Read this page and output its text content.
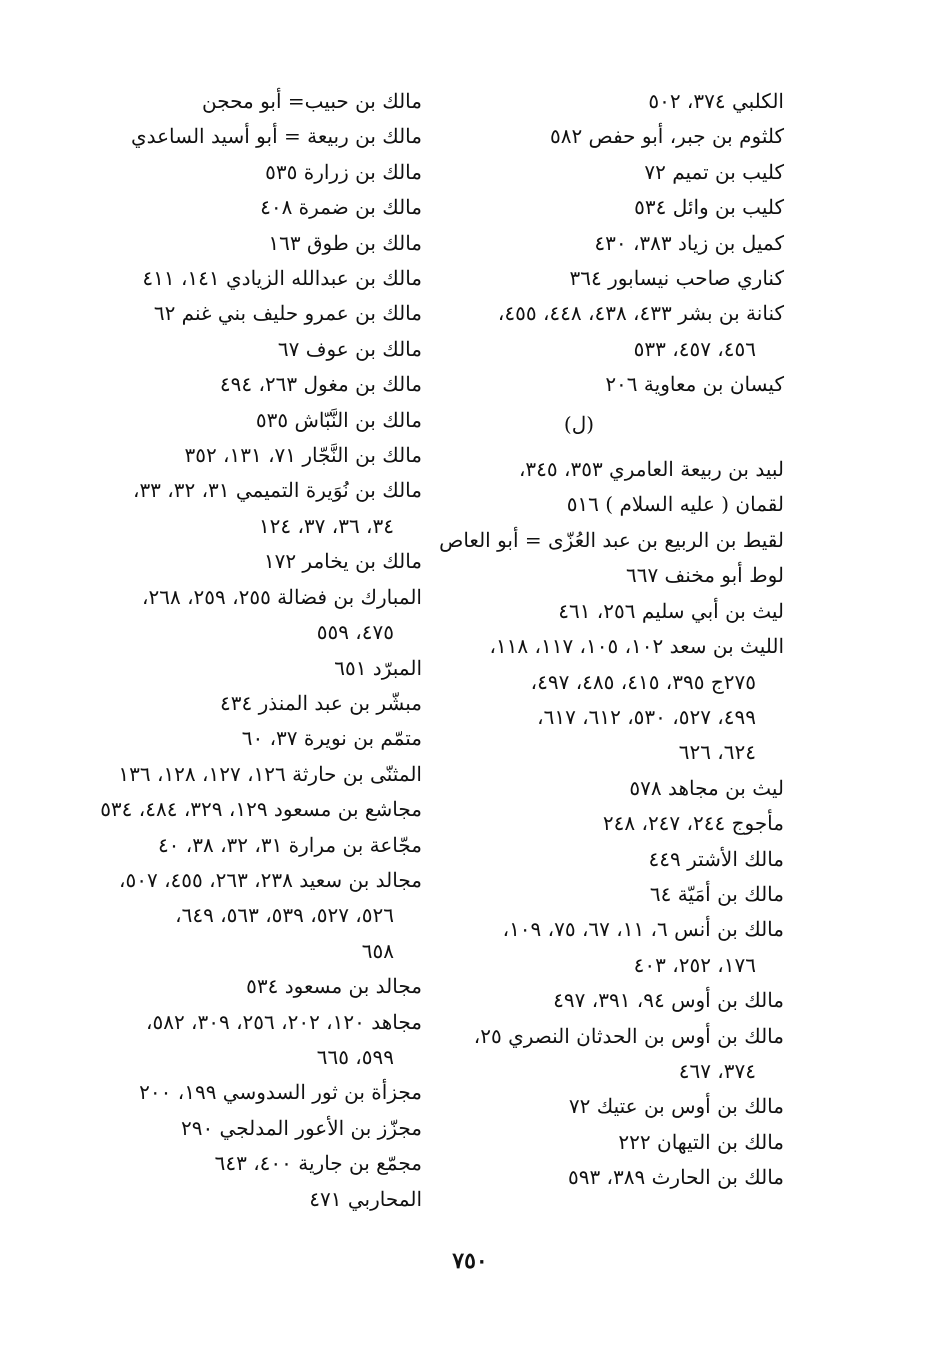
الكلبي ٣٧٤، ٥٠٢
كلثوم بن جبر، أبو حفص ٥٨٢
كليب بن تميم ٧٢
كليب بن وائل ٥٣٤
كميل بن زياد ٣٨٣، ٤٣٠
كناري صاحب نيسابور ٣٦٤
كنانة بن بشر ٤٣٣، ٤٣٨، ٤٤٨، ٤٥٥،
٤٥٦، ٤٥٧، ٥٣٣
كيسان بن معاوية ٢٠٦
(ل)
لبيد بن ربيعة العامري ٣٥٣، ٣٤٥،
لقمان ( عليه السلام ) ٥١٦
لقيط بن الربيع بن عبد العُزّى = أبو العاص
لوط أبو مخنف ٦٦٧
ليث بن أبي سليم ٢٥٦، ٤٦١
الليث بن سعد ١٠٢، ١٠٥، ١١٧، ١١٨،
٢٧٥ج ٣٩٥، ٤١٥، ٤٨٥، ٤٩٧،
٤٩٩، ٥٢٧، ٥٣٠، ٦١٢، ٦١٧،
٦٢٤، ٦٢٦
ليث بن مجاهد ٥٧٨
مأجوج ٢٤٤، ٢٤٧، ٢٤٨
مالك الأشتر ٤٤٩
مالك بن أمَيّة ٦٤
مالك بن أنس ٦، ١١، ٦٧، ٧٥، ١٠٩،
١٧٦، ٢٥٢، ٤٠٣
مالك بن أوس ٩٤، ٣٩١، ٤٩٧
مالك بن أوس بن الحدثان النصري ٢٥،
٣٧٤، ٤٦٧
مالك بن أوس بن عتيك ٧٢
مالك بن التيهان ٢٢٢
مالك بن الحارث ٣٨٩، ٥٩٣
مالك بن حبيب= أبو محجن
مالك بن ربيعة = أبو أسيد الساعدي
مالك بن زرارة ٥٣٥
مالك بن ضمرة ٤٠٨
مالك بن طوق ١٦٣
مالك بن عبدالله الزيادي ١٤١، ٤١١
مالك بن عمرو حليف بني غنم ٦٢
مالك بن عوف ٦٧
مالك بن مغول ٢٦٣، ٤٩٤
مالك بن النَّبّاش ٥٣٥
مالك بن النَّجّار ٧١، ١٣١، ٣٥٢
مالك بن نُوَيرة التميمي ٣١، ٣٢، ٣٣،
٣٤، ٣٦، ٣٧، ١٢٤
مالك بن يخامر ١٧٢
المبارك بن فضالة ٢٥٥، ٢٥٩، ٢٦٨،
٤٧٥، ٥٥٩
المبرّد ٦٥١
مبشّر بن عبد المنذر ٤٣٤
متمّم بن نويرة ٣٧، ٦٠
المثنّى بن حارثة ١٢٦، ١٢٧، ١٢٨، ١٣٦
مجاشع بن مسعود ١٢٩، ٣٢٩، ٤٨٤، ٥٣٤
مجّاعة بن مرارة ٣١، ٣٢، ٣٨، ٤٠
مجالد بن سعيد ٢٣٨، ٢٦٣، ٤٥٥، ٥٠٧،
٥٢٦، ٥٢٧، ٥٣٩، ٥٦٣، ٦٤٩،
٦٥٨
مجالد بن مسعود ٥٣٤
مجاهد ١٢٠، ٢٠٢، ٢٥٦، ٣٠٩، ٥٨٢،
٥٩٩، ٦٦٥
مجزأة بن ثور السدوسي ١٩٩، ٢٠٠
مجزّز بن الأعور المدلجي ٢٩٠
مجمّع بن جارية ٤٠٠، ٦٤٣
المحاربي ٤٧١
٧٥٠
